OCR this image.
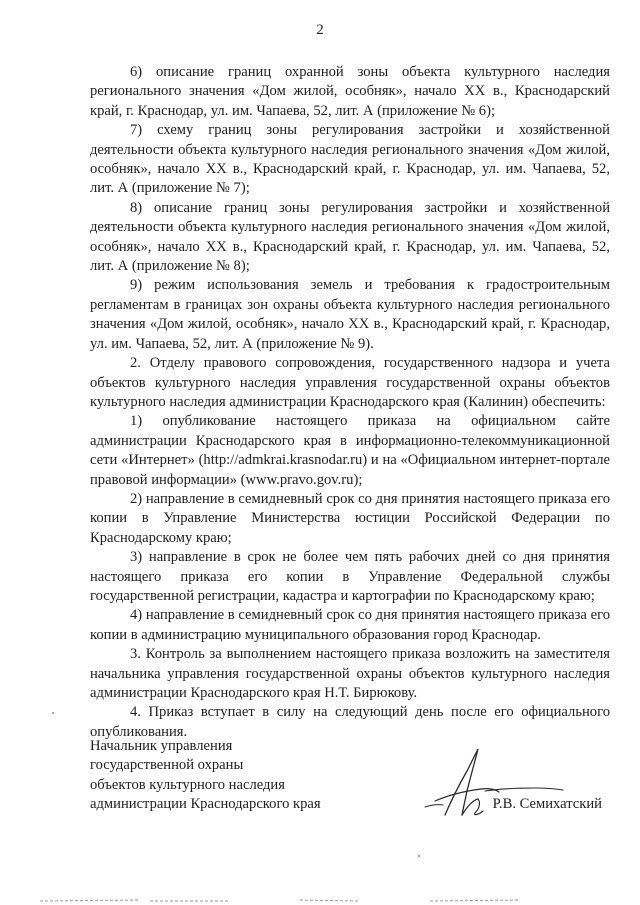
2

6) описание границ охранной зоны объекта культурного наследия регионального значения «Дом жилой, особняк», начало XX в., Краснодарский край, г. Краснодар, ул. им. Чапаева, 52, лит. А (приложение № 6);

7) схему границ зоны регулирования застройки и хозяйственной деятельности объекта культурного наследия регионального значения «Дом жилой, особняк», начало XX в., Краснодарский край, г. Краснодар, ул. им. Чапаева, 52, лит. А (приложение № 7);

8) описание границ зоны регулирования застройки и хозяйственной деятельности объекта культурного наследия регионального значения «Дом жилой, особняк», начало XX в., Краснодарский край, г. Краснодар, ул. им. Чапаева, 52, лит. А (приложение № 8);

9) режим использования земель и требования к градостроительным регламентам в границах зон охраны объекта культурного наследия регионального значения «Дом жилой, особняк», начало XX в., Краснодарский край, г. Краснодар, ул. им. Чапаева, 52, лит. А (приложение № 9).

2. Отделу правового сопровождения, государственного надзора и учета объектов культурного наследия управления государственной охраны объектов культурного наследия администрации Краснодарского края (Калинин) обеспечить:

1) опубликование настоящего приказа на официальном сайте администрации Краснодарского края в информационно-телекоммуникационной сети «Интернет» (http://admkrai.krasnodar.ru) и на «Официальном интернет-портале правовой информации» (www.pravo.gov.ru);

2) направление в семидневный срок со дня принятия настоящего приказа его копии в Управление Министерства юстиции Российской Федерации по Краснодарскому краю;

3) направление в срок не более чем пять рабочих дней со дня принятия настоящего приказа его копии в Управление Федеральной службы государственной регистрации, кадастра и картографии по Краснодарскому краю;

4) направление в семидневный срок со дня принятия настоящего приказа его копии в администрацию муниципального образования город Краснодар.

3. Контроль за выполнением настоящего приказа возложить на заместителя начальника управления государственной охраны объектов культурного наследия администрации Краснодарского края Н.Т. Бирюкову.

4. Приказ вступает в силу на следующий день после его официального опубликования.

Начальник управления
государственной охраны
объектов культурного наследия
администрации Краснодарского края	Р.В. Семихатский
